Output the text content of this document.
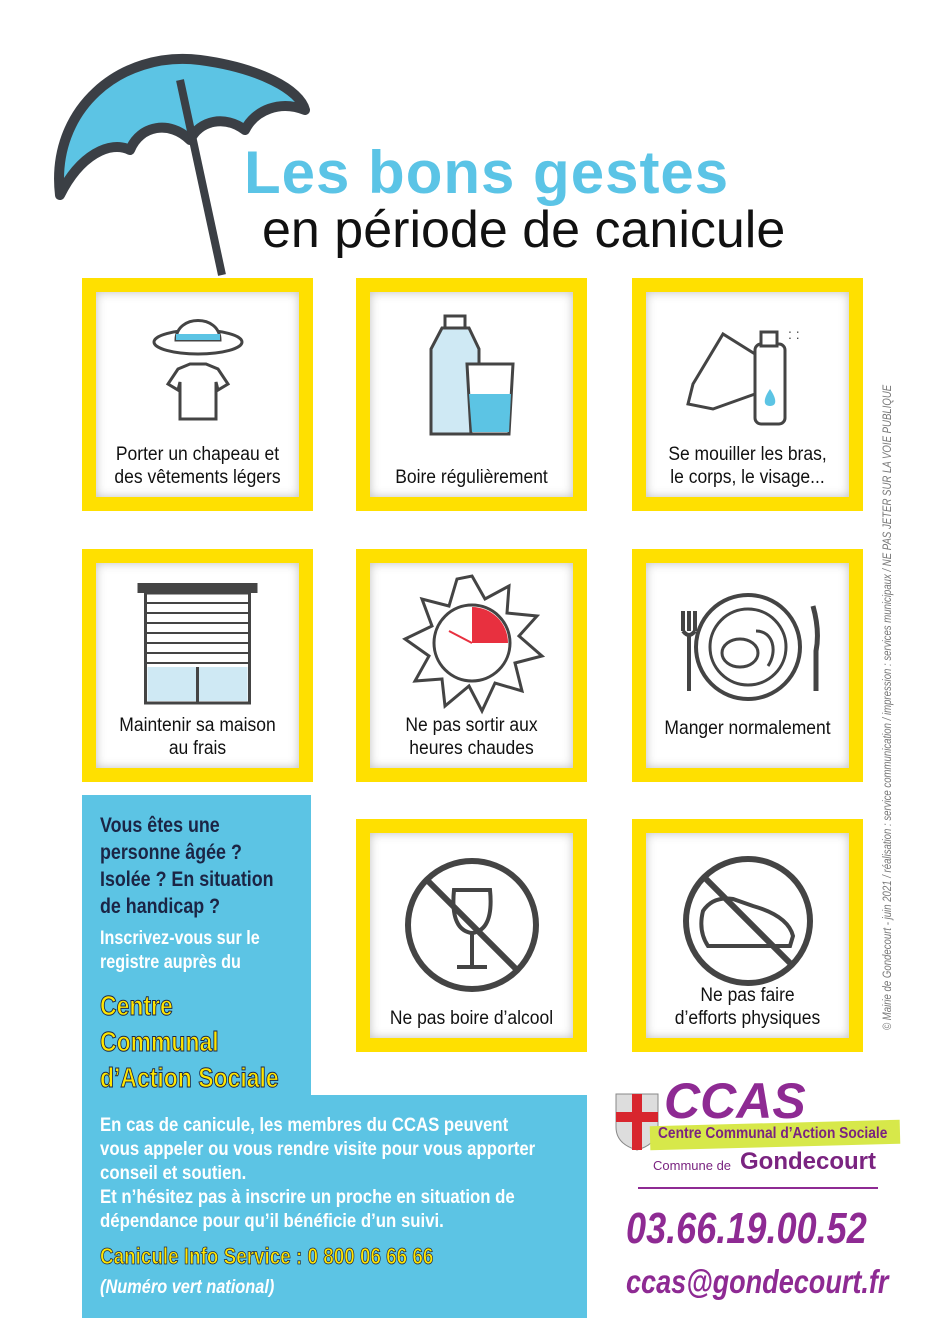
Les bons gestes
en période de canicule
Porter un chapeau et
des vêtements légers	Boire régulièrement
: :
Se mouiller les bras,
le corps, le visage...
Maintenir sa maison
au frais
Ne pas sortir aux
heures chaudes
Manger normalement
Ne pas boire d’alcool
Ne pas faire
d’efforts physiques
Vous êtes une
personne âgée ?
Isolée ? En situation
de handicap ?
Inscrivez-vous sur le
registre auprès du
Centre
Communal
d’Action Sociale
En cas de canicule, les membres du CCAS peuvent
vous appeler ou vous rendre visite pour vous apporter
conseil et soutien.
Et n’hésitez pas à inscrire un proche en situation de
dépendance pour qu’il bénéficie d’un suivi.
Canicule Info Service : 0 800 06 66 66
(Numéro vert national)
CCAS
Centre Communal d’Action Sociale
Commune de Gondecourt
03.66.19.00.52
ccas@gondecourt.fr
© Mairie de Gondecourt - juin 2021 / réalisation : service communication / impression : services municipaux / NE PAS JETER SUR LA VOIE PUBLIQUE
